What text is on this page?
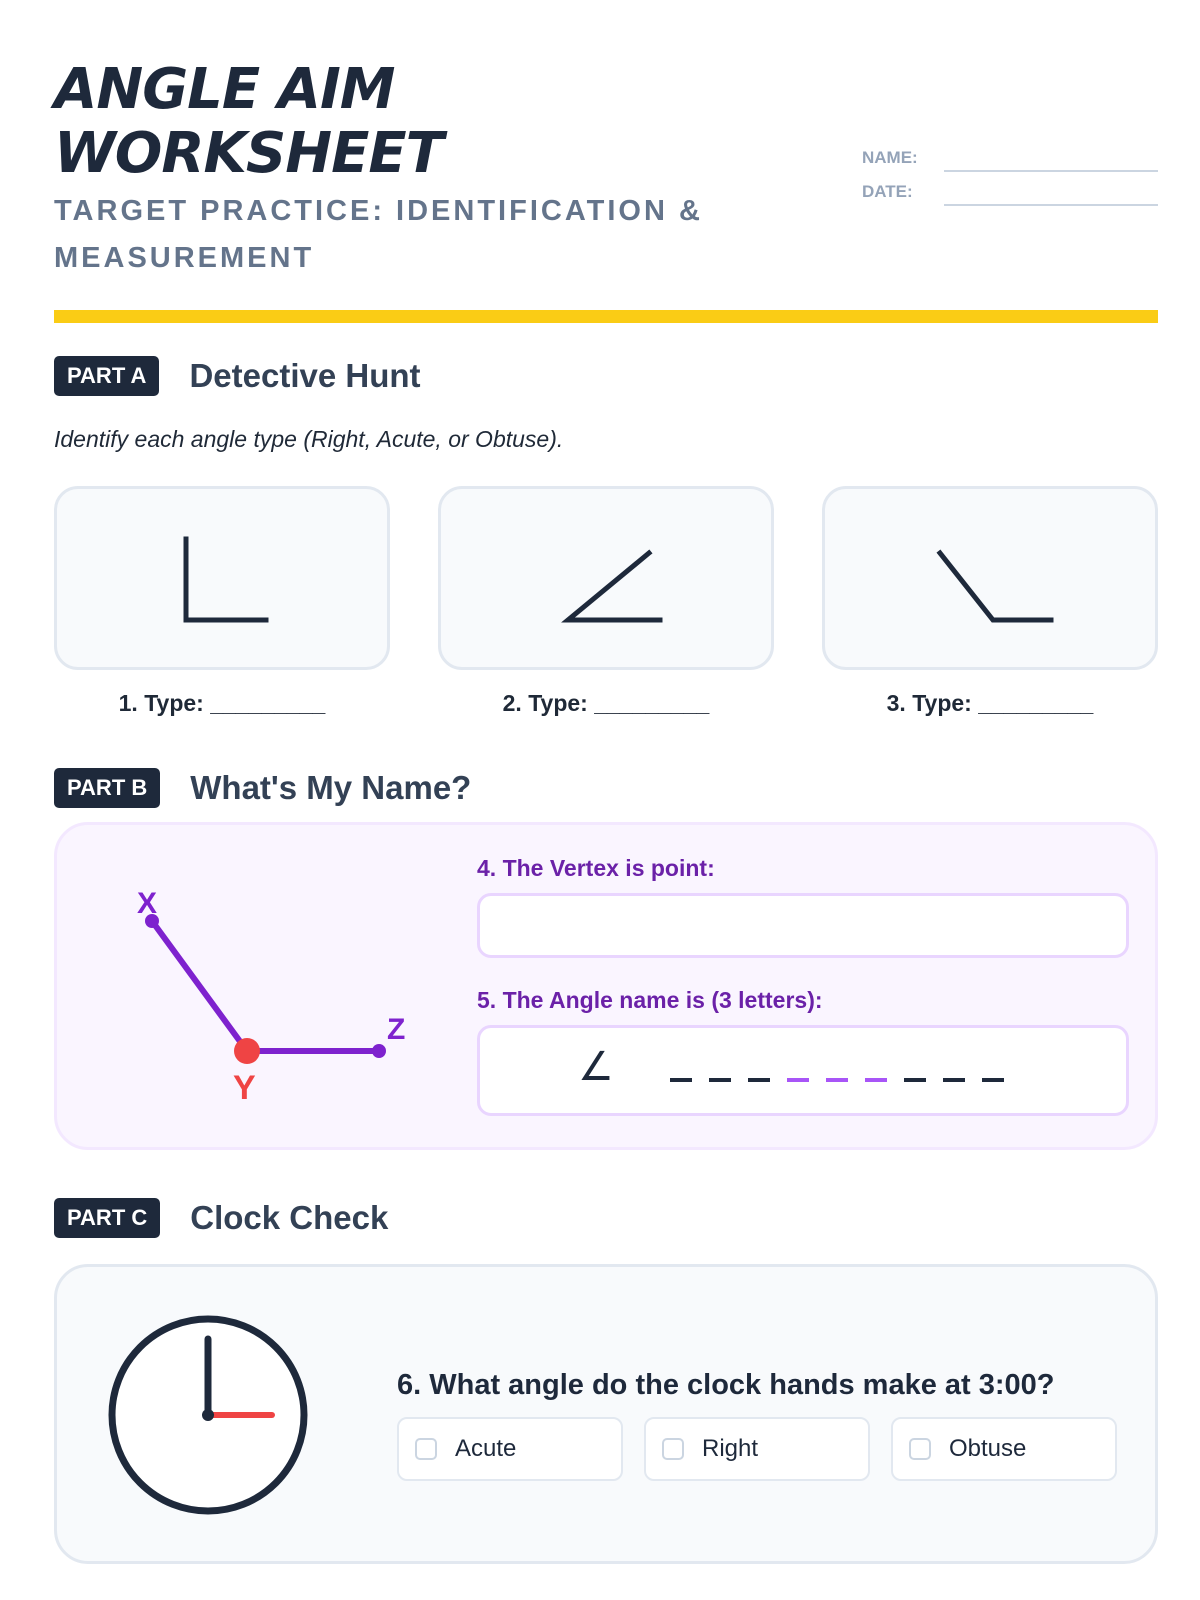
ANGLE AIM
WORKSHEET
TARGET PRACTICE: IDENTIFICATION & MEASUREMENT
NAME:
DATE:
PART A	Detective Hunt
Identify each angle type (Right, Acute, or Obtuse).
1. Type: _________	2. Type: _________	3. Type: _________
PART B	What's My Name?
X
Z
Y
4. The Vertex is point:
5. The Angle name is (3 letters):
∠
PART C	Clock Check
6. What angle do the clock hands make at 3:00?
Acute	Right	Obtuse
